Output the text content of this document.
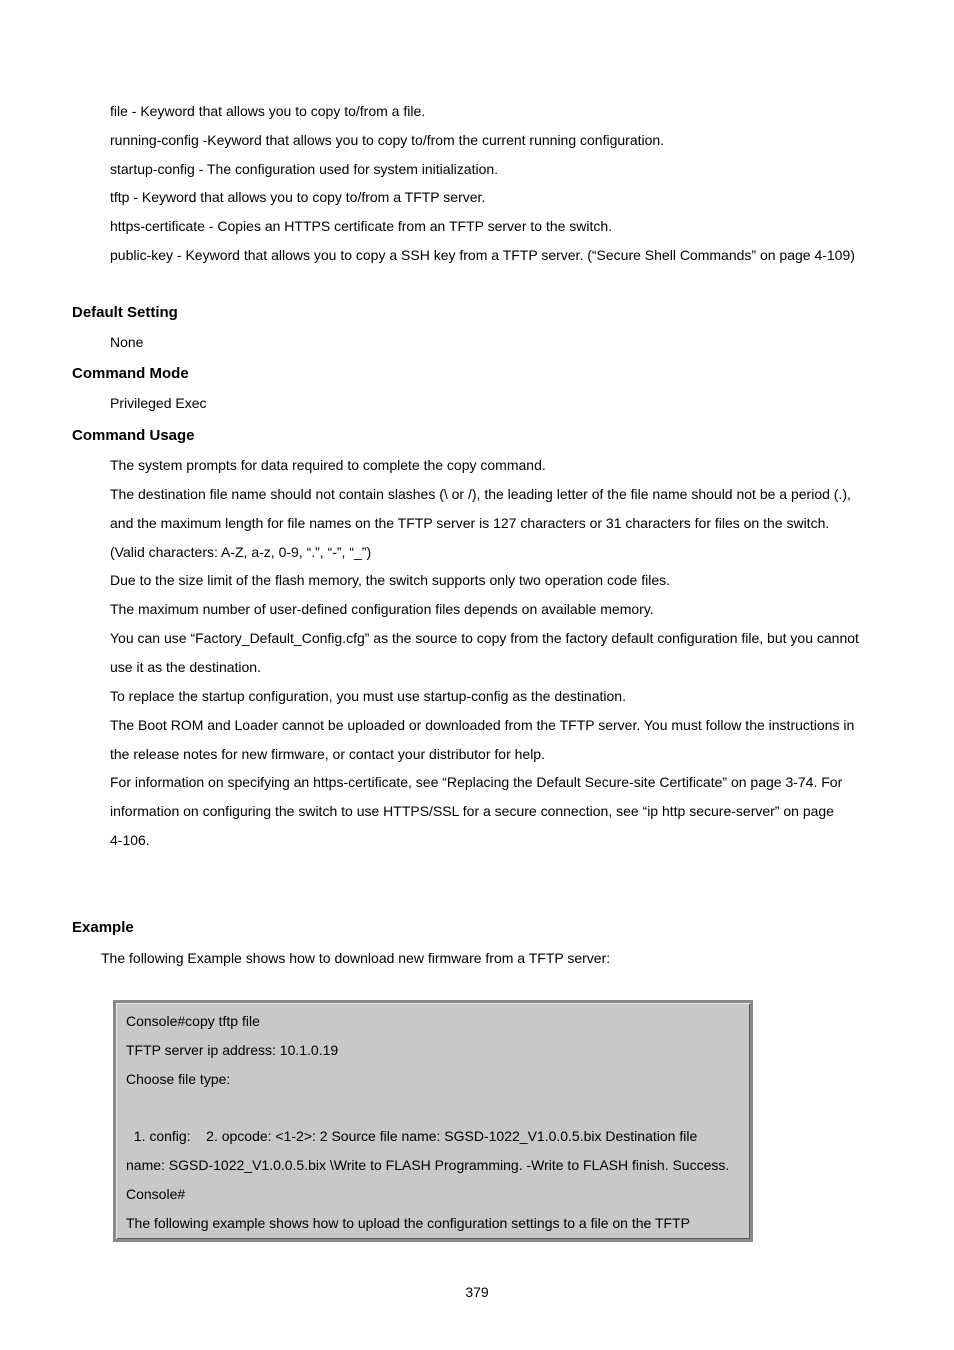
file - Keyword that allows you to copy to/from a file.
running-config -Keyword that allows you to copy to/from the current running configuration.
startup-config - The configuration used for system initialization.
tftp - Keyword that allows you to copy to/from a TFTP server.
https-certificate - Copies an HTTPS certificate from an TFTP server to the switch.
public-key - Keyword that allows you to copy a SSH key from a TFTP server. (“Secure Shell Commands” on page 4-109)
Default Setting
None
Command Mode
Privileged Exec
Command Usage
The system prompts for data required to complete the copy command.
The destination file name should not contain slashes (\ or /), the leading letter of the file name should not be a period (.),
and the maximum length for file names on the TFTP server is 127 characters or 31 characters for files on the switch.
(Valid characters: A-Z, a-z, 0-9, “.”, “-”, “_”)
Due to the size limit of the flash memory, the switch supports only two operation code files.
The maximum number of user-defined configuration files depends on available memory.
You can use “Factory_Default_Config.cfg” as the source to copy from the factory default configuration file, but you cannot
use it as the destination.
To replace the startup configuration, you must use startup-config as the destination.
The Boot ROM and Loader cannot be uploaded or downloaded from the TFTP server. You must follow the instructions in
the release notes for new firmware, or contact your distributor for help.
For information on specifying an https-certificate, see “Replacing the Default Secure-site Certificate” on page 3-74. For
information on configuring the switch to use HTTPS/SSL for a secure connection, see “ip http secure-server” on page
4-106.
Example
The following Example shows how to download new firmware from a TFTP server:
Console#copy tftp file
TFTP server ip address: 10.1.0.19
Choose file type:
1. config:    2. opcode: <1-2>: 2 Source file name: SGSD-1022_V1.0.0.5.bix Destination file
name: SGSD-1022_V1.0.0.5.bix \Write to FLASH Programming. -Write to FLASH finish. Success.
Console#
The following example shows how to upload the configuration settings to a file on the TFTP
379
